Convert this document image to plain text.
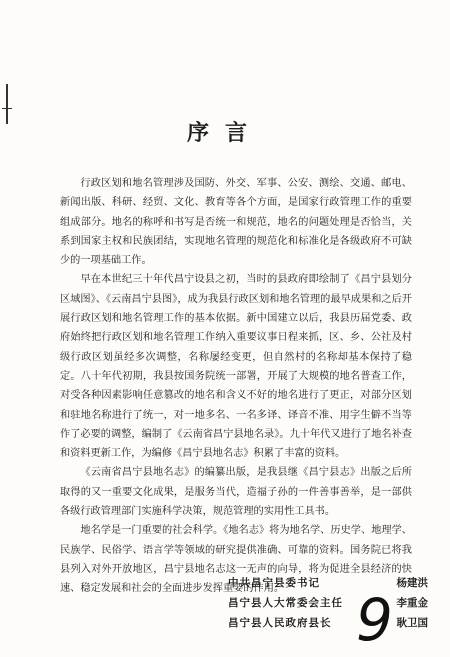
序言

行政区划和地名管理涉及国防、外交、军事、公安、测绘、交通、邮电、新闻出版、科研、经贸、文化、教育等各个方面，是国家行政管理工作的重要组成部分。地名的称呼和书写是否统一和规范，地名的问题处理是否恰当，关系到国家主权和民族团结，实现地名管理的规范化和标准化是各级政府不可缺少的一项基础工作。

早在本世纪三十年代昌宁设县之初，当时的县政府即绘制了《昌宁县划分区域图》、《云南昌宁县图》，成为我县行政区划和地名管理的最早成果和之后开展行政区划和地名管理工作的基本依据。新中国建立以后，我县历届党委、政府始终把行政区划和地名管理工作纳入重要议事日程来抓，区、乡、公社及村级行政区划虽经多次调整，名称屡经变更，但自然村的名称却基本保持了稳定。八十年代初期，我县按国务院统一部署，开展了大规模的地名普查工作，对受各种因素影响任意篡改的地名和含义不好的地名进行了更正，对部分区划和驻地名称进行了统一，对一地多名、一名多译、译音不准、用字生僻不当等作了必要的调整，编制了《云南省昌宁县地名录》。九十年代又进行了地名补查和资料更新工作，为编修《昌宁县地名志》积累了丰富的资料。

《云南省昌宁县地名志》的编纂出版，是我县继《昌宁县志》出版之后所取得的又一重要文化成果，是服务当代，造福子孙的一件善事善举，是一部供各级行政管理部门实施科学决策，规范管理的实用性工具书。

地名学是一门重要的社会科学。《地名志》将为地名学、历史学、地理学、民族学、民俗学、语言学等领域的研究提供准确、可靠的资料。国务院已将我县列入对外开放地区，昌宁县地名志这一无声的向导，将为促进全县经济的快速、稳定发展和社会的全面进步发挥重要的作用。

中共昌宁县委书记	杨建洪
昌宁县人大常委会主任	李重金
昌宁县人民政府县长	耿卫国
9
